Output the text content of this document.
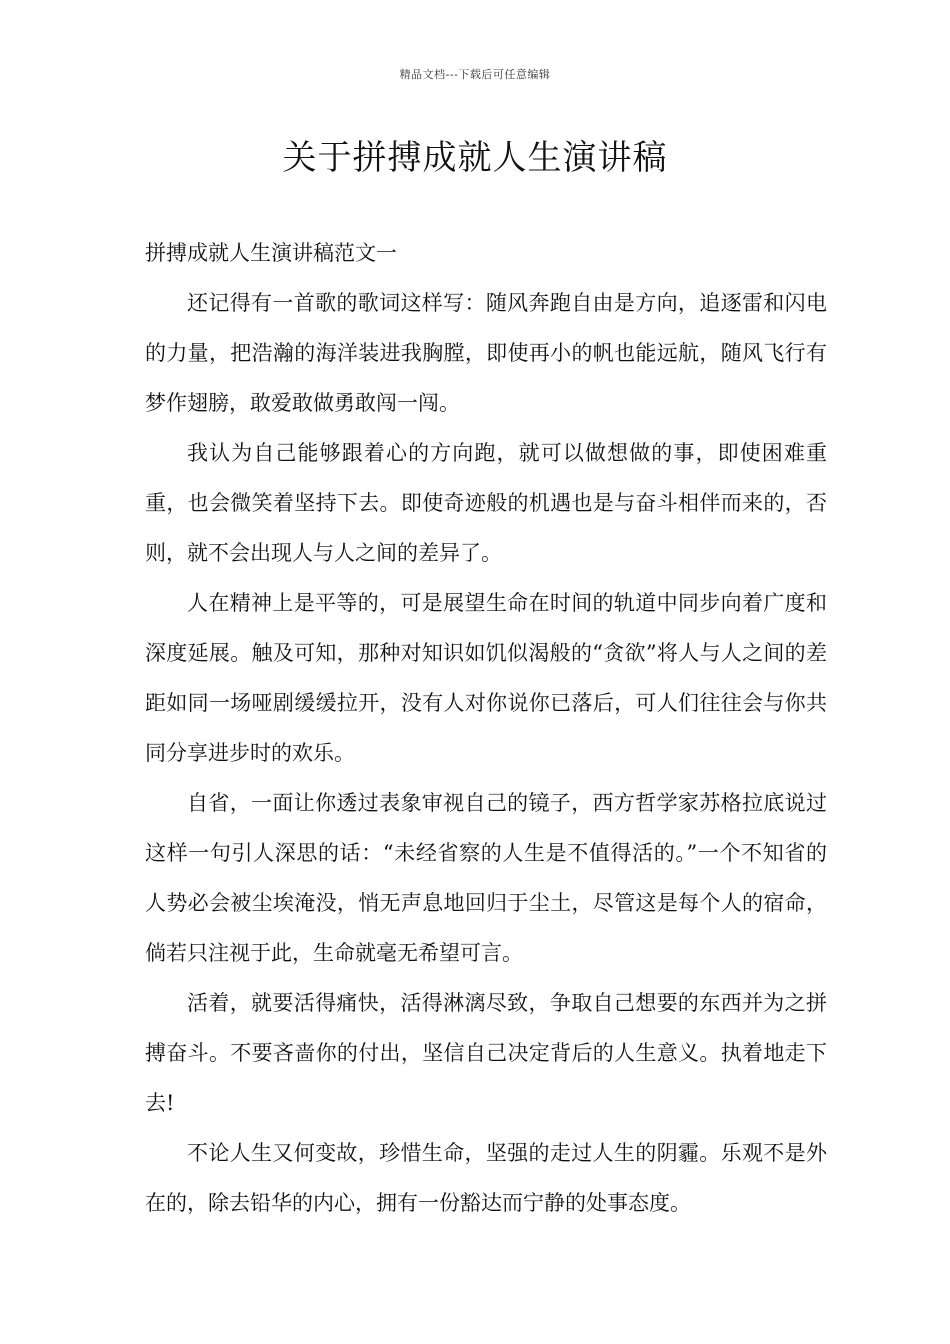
精品文档---下载后可任意编辑
关于拼搏成就人生演讲稿

拼搏成就人生演讲稿范文一

还记得有一首歌的歌词这样写：随风奔跑自由是方向，追逐雷和闪电的力量，把浩瀚的海洋装进我胸膛，即使再小的帆也能远航，随风飞行有梦作翅膀，敢爱敢做勇敢闯一闯。

我认为自己能够跟着心的方向跑，就可以做想做的事，即使困难重重，也会微笑着坚持下去。即使奇迹般的机遇也是与奋斗相伴而来的，否则，就不会出现人与人之间的差异了。

人在精神上是平等的，可是展望生命在时间的轨道中同步向着广度和深度延展。触及可知，那种对知识如饥似渴般的“贪欲”将人与人之间的差距如同一场哑剧缓缓拉开，没有人对你说你已落后，可人们往往会与你共同分享进步时的欢乐。

自省，一面让你透过表象审视自己的镜子，西方哲学家苏格拉底说过这样一句引人深思的话：“未经省察的人生是不值得活的。”一个不知省的人势必会被尘埃淹没，悄无声息地回归于尘土，尽管这是每个人的宿命，倘若只注视于此，生命就毫无希望可言。

活着，就要活得痛快，活得淋漓尽致，争取自己想要的东西并为之拼搏奋斗。不要吝啬你的付出，坚信自己决定背后的人生意义。执着地走下去!

不论人生又何变故，珍惜生命，坚强的走过人生的阴霾。乐观不是外在的，除去铅华的内心，拥有一份豁达而宁静的处事态度。
